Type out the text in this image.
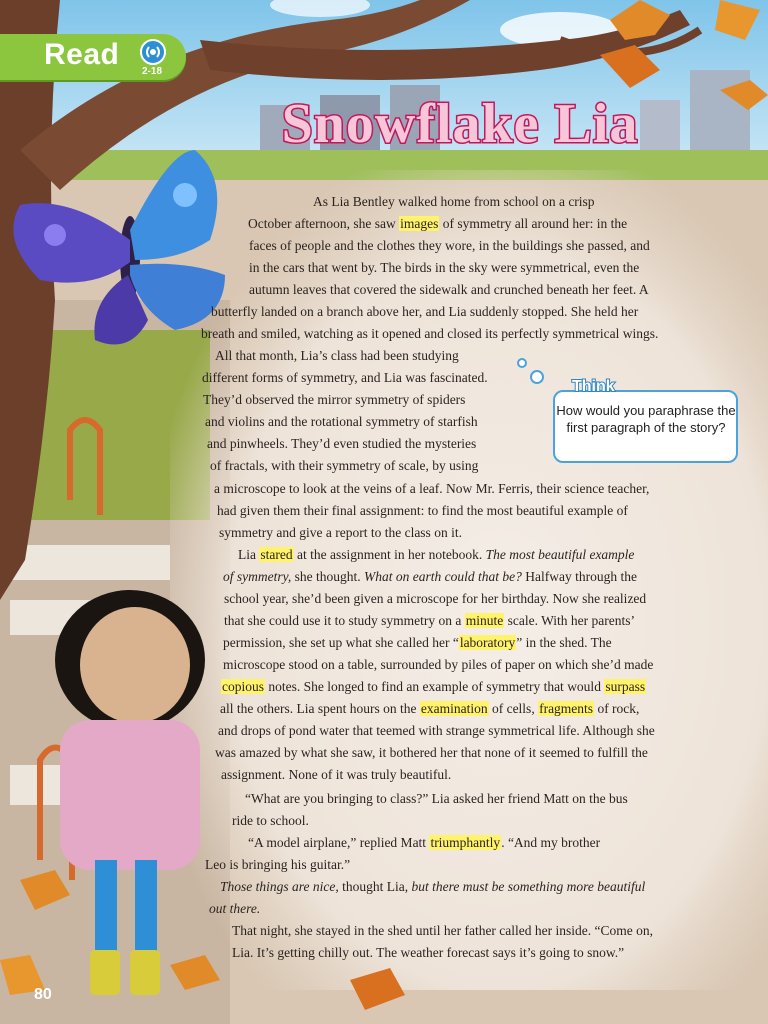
Read
2-18
Snowflake Lia
As Lia Bentley walked home from school on a crisp
October afternoon, she saw images of symmetry all around her: in the
faces of people and the clothes they wore, in the buildings she passed, and
in the cars that went by. The birds in the sky were symmetrical, even the
autumn leaves that covered the sidewalk and crunched beneath her feet. A
butterfly landed on a branch above her, and Lia suddenly stopped. She held her
breath and smiled, watching as it opened and closed its perfectly symmetrical wings.
All that month, Lia’s class had been studying
different forms of symmetry, and Lia was fascinated.
They’d observed the mirror symmetry of spiders
and violins and the rotational symmetry of starfish
and pinwheels. They’d even studied the mysteries
of fractals, with their symmetry of scale, by using
a microscope to look at the veins of a leaf. Now Mr. Ferris, their science teacher,
had given them their final assignment: to find the most beautiful example of
symmetry and give a report to the class on it.
Lia stared at the assignment in her notebook. The most beautiful example
of symmetry, she thought. What on earth could that be? Halfway through the
school year, she’d been given a microscope for her birthday. Now she realized
that she could use it to study symmetry on a minute scale. With her parents’
permission, she set up what she called her “laboratory” in the shed. The
microscope stood on a table, surrounded by piles of paper on which she’d made
copious notes. She longed to find an example of symmetry that would surpass
all the others. Lia spent hours on the examination of cells, fragments of rock,
and drops of pond water that teemed with strange symmetrical life. Although she
was amazed by what she saw, it bothered her that none of it seemed to fulfill the
assignment. None of it was truly beautiful.
“What are you bringing to class?” Lia asked her friend Matt on the bus
ride to school.
“A model airplane,” replied Matt triumphantly. “And my brother
Leo is bringing his guitar.”
Those things are nice, thought Lia, but there must be something more beautiful
out there.
That night, she stayed in the shed until her father called her inside. “Come on,
Lia. It’s getting chilly out. The weather forecast says it’s going to snow.”
Think
How would you paraphrase the first paragraph of the story?
80
